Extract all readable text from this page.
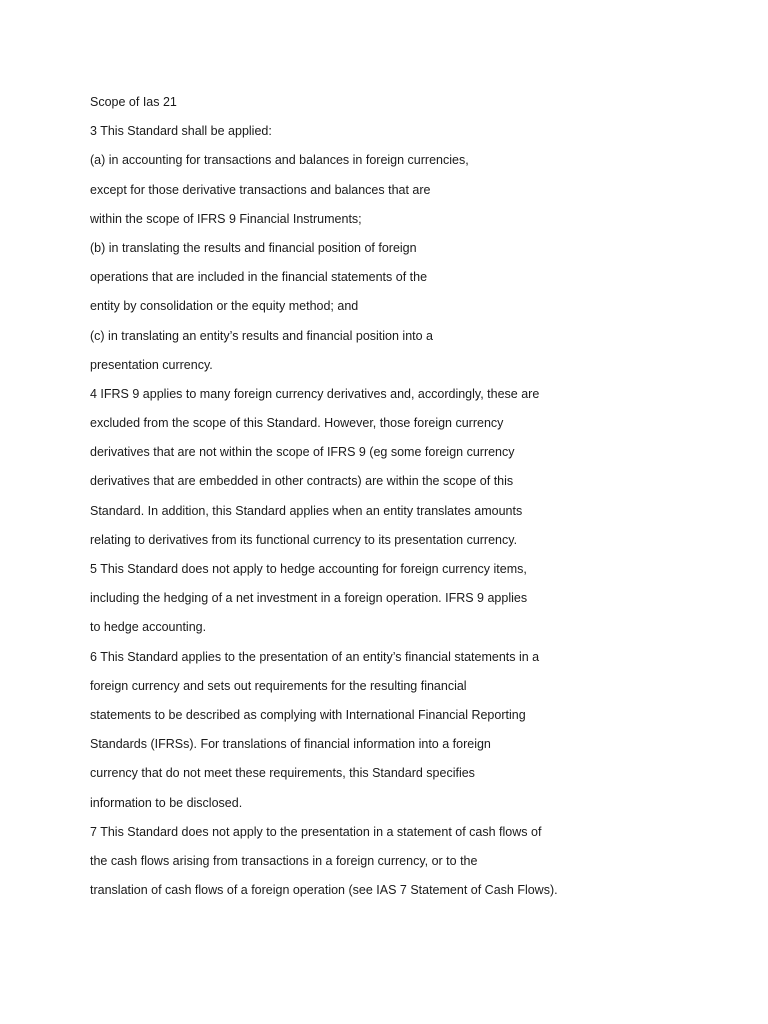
Scope of Ias 21
3 This Standard shall be applied:
(a) in accounting for transactions and balances in foreign currencies,
except for those derivative transactions and balances that are
within the scope of IFRS 9 Financial Instruments;
(b) in translating the results and financial position of foreign
operations that are included in the financial statements of the
entity by consolidation or the equity method; and
(c) in translating an entity’s results and financial position into a
presentation currency.
4 IFRS 9 applies to many foreign currency derivatives and, accordingly, these are
excluded from the scope of this Standard. However, those foreign currency
derivatives that are not within the scope of IFRS 9 (eg some foreign currency
derivatives that are embedded in other contracts) are within the scope of this
Standard. In addition, this Standard applies when an entity translates amounts
relating to derivatives from its functional currency to its presentation currency.
5 This Standard does not apply to hedge accounting for foreign currency items,
including the hedging of a net investment in a foreign operation. IFRS 9 applies
to hedge accounting.
6 This Standard applies to the presentation of an entity’s financial statements in a
foreign currency and sets out requirements for the resulting financial
statements to be described as complying with International Financial Reporting
Standards (IFRSs). For translations of financial information into a foreign
currency that do not meet these requirements, this Standard specifies
information to be disclosed.
7 This Standard does not apply to the presentation in a statement of cash flows of
the cash flows arising from transactions in a foreign currency, or to the
translation of cash flows of a foreign operation (see IAS 7 Statement of Cash Flows).
